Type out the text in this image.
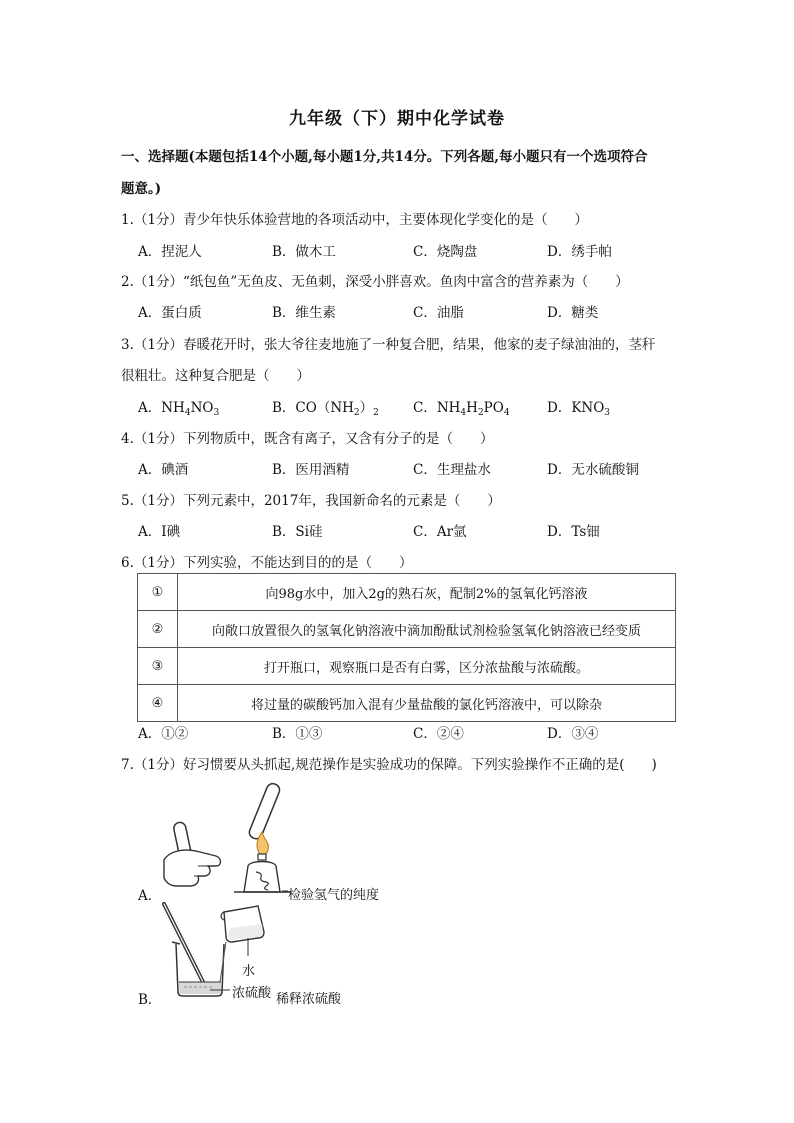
九年级（下）期中化学试卷
一、选择题(本题包括14个小题,每小题1分,共14分。下列各题,每小题只有一个选项符合
题意。)
1.（1分）青少年快乐体验营地的各项活动中，主要体现化学变化的是（　　）
A．捏泥人	B．做木工	C．烧陶盘	D．绣手帕
2.（1分）“纸包鱼”无鱼皮、无鱼刺，深受小胖喜欢。鱼肉中富含的营养素为（　　）
A．蛋白质	B．维生素	C．油脂	D．糖类
3.（1分）春暖花开时，张大爷往麦地施了一种复合肥，结果，他家的麦子绿油油的，茎秆
很粗壮。这种复合肥是（　　）
A．$NH_4NO_3$	B．$CO(NH_2)_2$	C．$NH_4H_2PO_4$	D．$KNO_3$
4.（1分）下列物质中，既含有离子，又含有分子的是（　　）
A．碘酒	B．医用酒精	C．生理盐水	D．无水硫酸铜
5.（1分）下列元素中，2017年，我国新命名的元素是（　　）
A．I碘	B．Si硅	C．Ar氩	D．Ts钿
6.（1分）下列实验，不能达到目的的是（　　）
①	向98g水中，加入2g的熟石灰，配制2%的氢氧化钙溶液
②	向敞口放置很久的氢氧化钠溶液中滴加酚酞试剂检验氢氧化钠溶液已经变质
③	打开瓶口，观察瓶口是否有白雾，区分浓盐酸与浓硫酸。
④	将过量的碳酸钙加入混有少量盐酸的氯化钙溶液中，可以除杂
A．①②	B．①③	C．②④	D．③④
7.（1分）好习惯要从头抓起,规范操作是实验成功的保障。下列实验操作不正确的是(　　)
A．	检验氢气的纯度
B．
水
浓硫酸 稀释浓硫酸
